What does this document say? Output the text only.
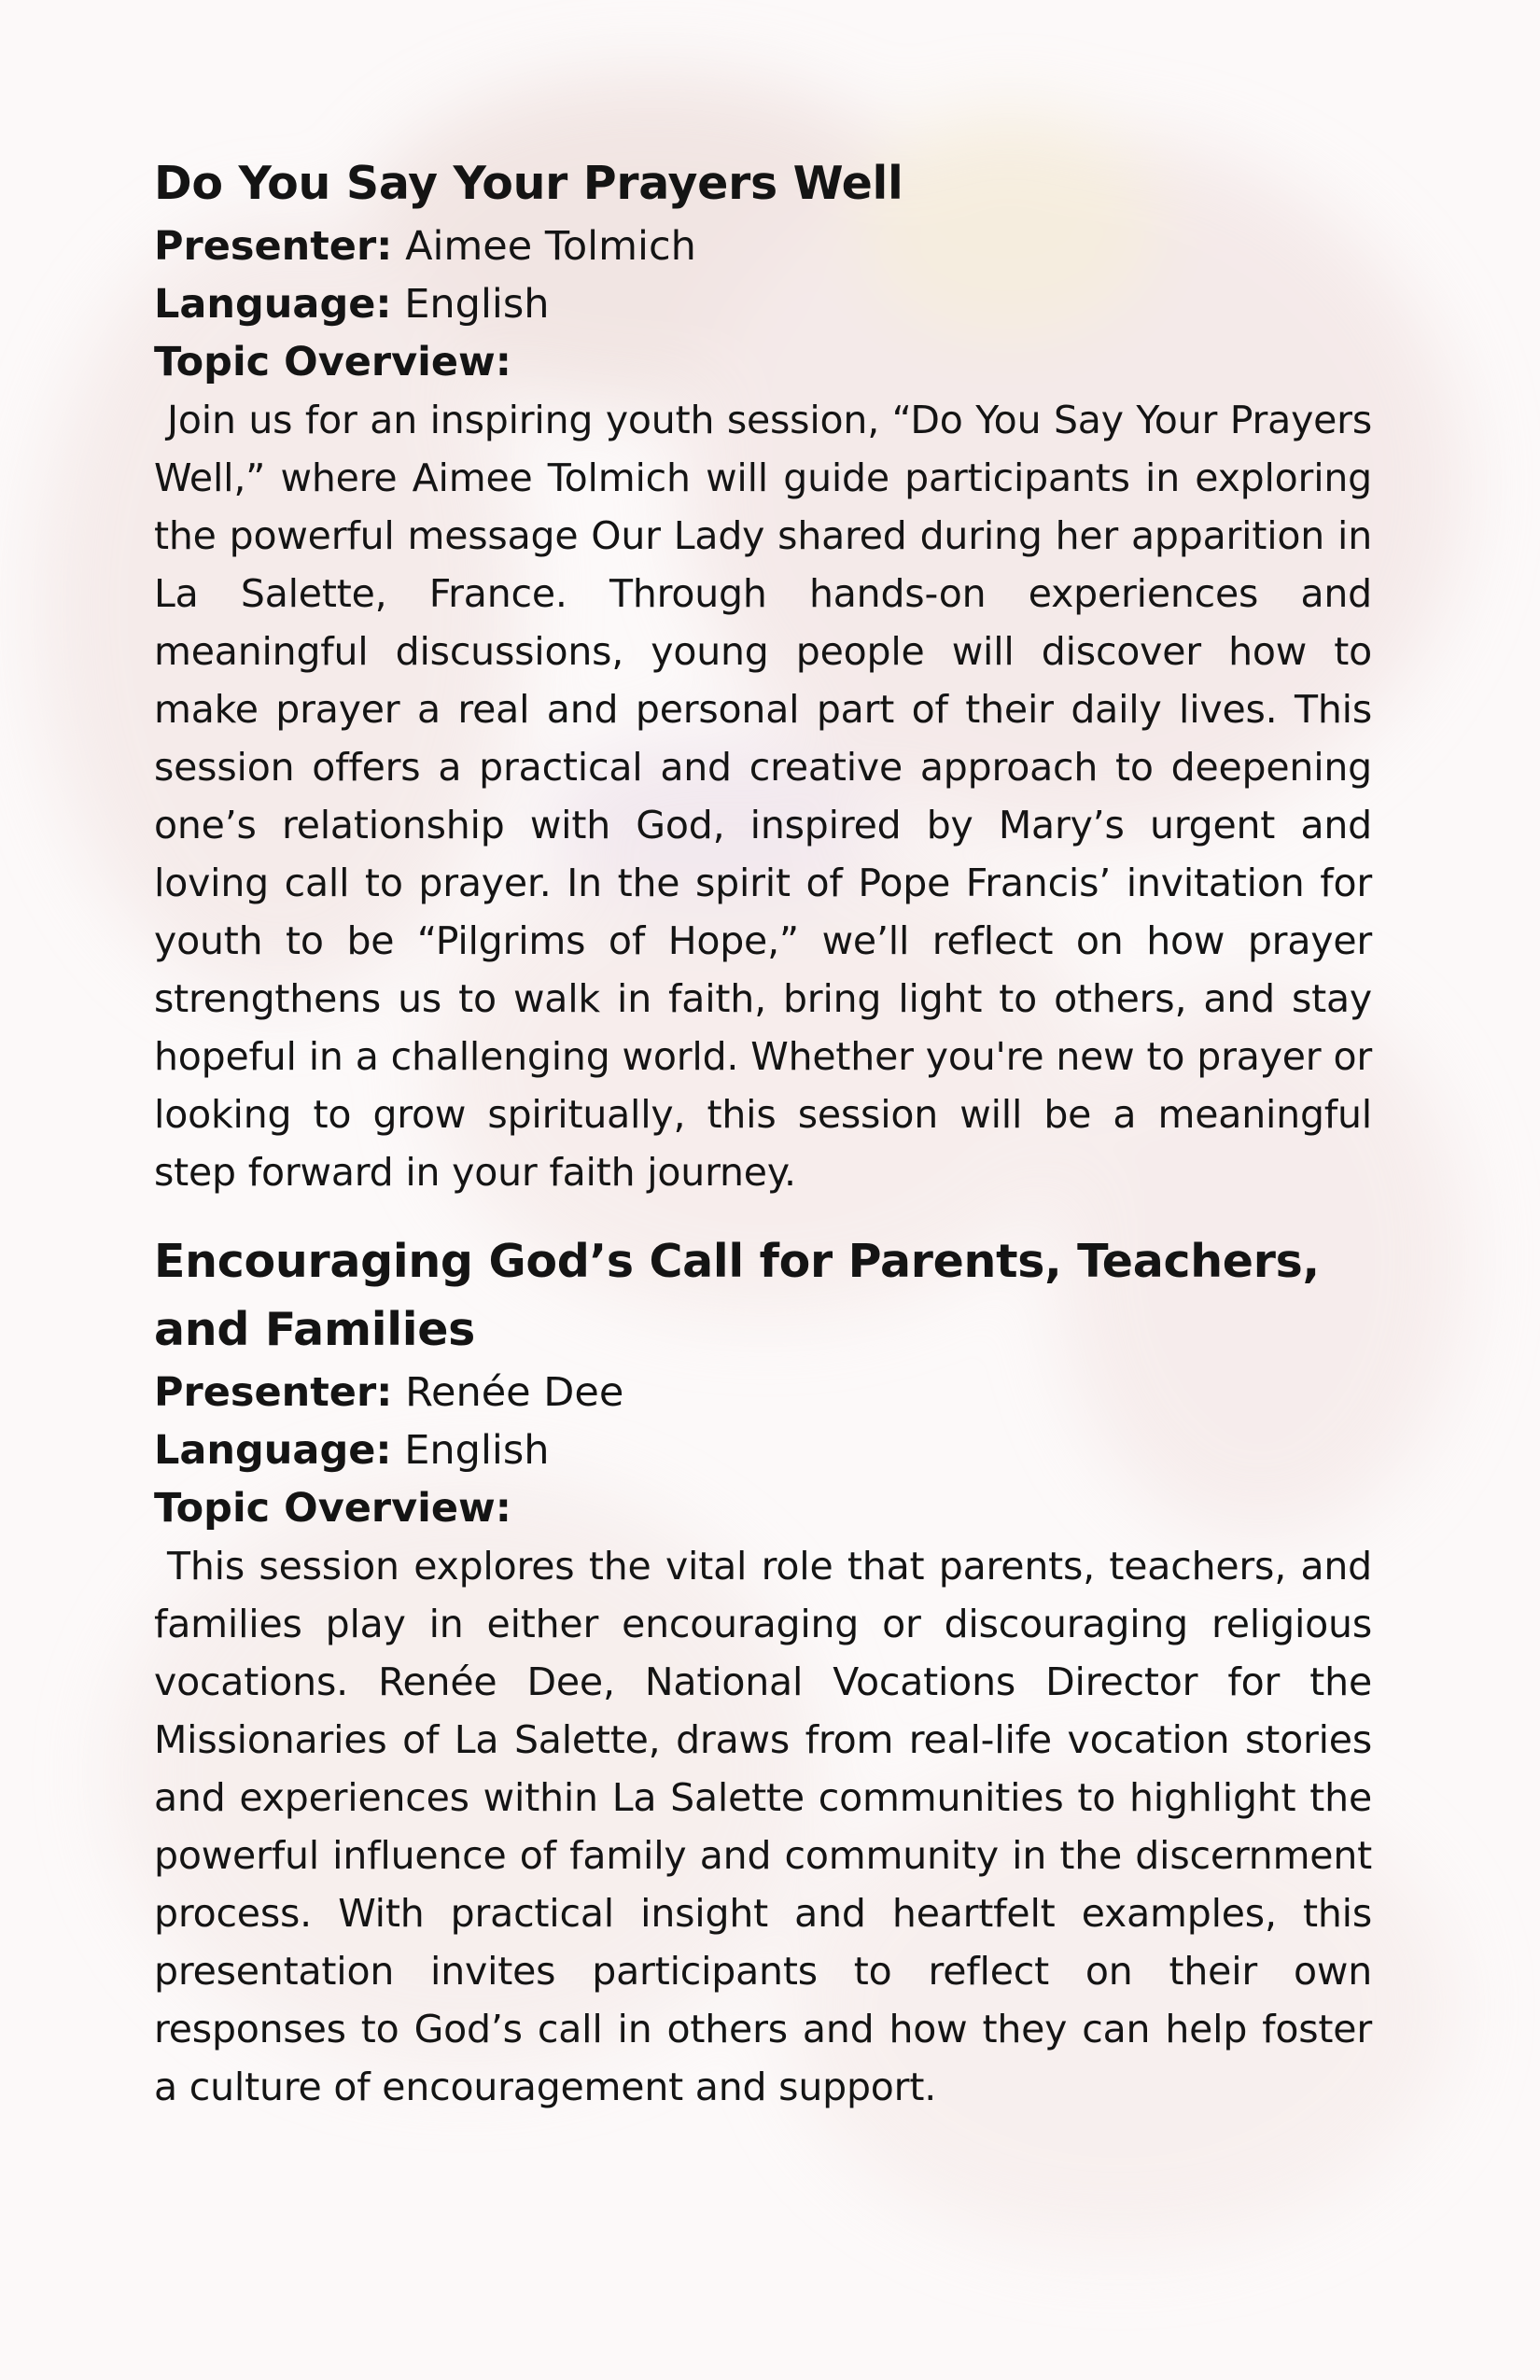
Do You Say Your Prayers Well

Presenter: Aimee Tolmich

Language: English

Topic Overview:

Join us for an inspiring youth session, “Do You Say Your Prayers Well,” where Aimee Tolmich will guide participants in exploring the powerful message Our Lady shared during her apparition in La Salette, France. Through hands-on experiences and meaningful discussions, young people will discover how to make prayer a real and personal part of their daily lives. This session offers a practical and creative approach to deepening one’s relationship with God, inspired by Mary’s urgent and loving call to prayer. In the spirit of Pope Francis’ invitation for youth to be “Pilgrims of Hope,” we’ll reflect on how prayer strengthens us to walk in faith, bring light to others, and stay hopeful in a challenging world. Whether you're new to prayer or looking to grow spiritually, this session will be a meaningful step forward in your faith journey.

Encouraging God’s Call for Parents, Teachers, and Families

Presenter: Renée Dee

Language: English

Topic Overview:

This session explores the vital role that parents, teachers, and families play in either encouraging or discouraging religious vocations. Renée Dee, National Vocations Director for the Missionaries of La Salette, draws from real-life vocation stories and experiences within La Salette communities to highlight the powerful influence of family and community in the discernment process. With practical insight and heartfelt examples, this presentation invites participants to reflect on their own responses to God’s call in others and how they can help foster a culture of encouragement and support.
